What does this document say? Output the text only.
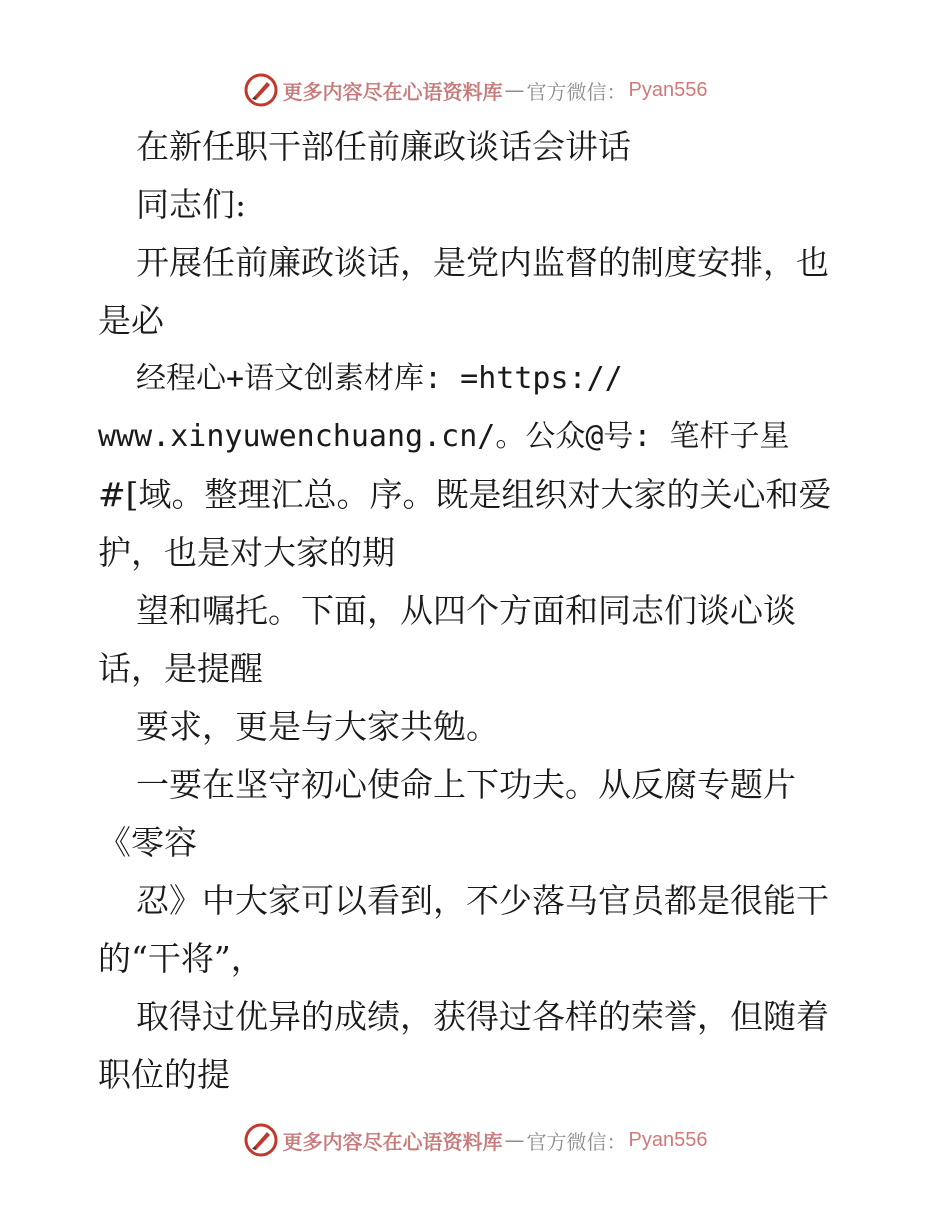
更多内容尽在心语资料库 — 官方微信： Pyan556
在新任职干部任前廉政谈话会讲话
同志们:
开展任前廉政谈话，是党内监督的制度安排，也
是必
经程心+语文创素材库: =https://
www.xinyuwenchuang.cn/。公众@号: 笔杆子星
#[域。整理汇总。序。既是组织对大家的关心和爱
护，也是对大家的期
望和嘱托。下面，从四个方面和同志们谈心谈
话，是提醒
要求，更是与大家共勉。
一要在坚守初心使命上下功夫。从反腐专题片
《零容
忍》中大家可以看到，不少落马官员都是很能干
的“干将”，
取得过优异的成绩，获得过各样的荣誉，但随着
职位的提
更多内容尽在心语资料库 — 官方微信： Pyan556
